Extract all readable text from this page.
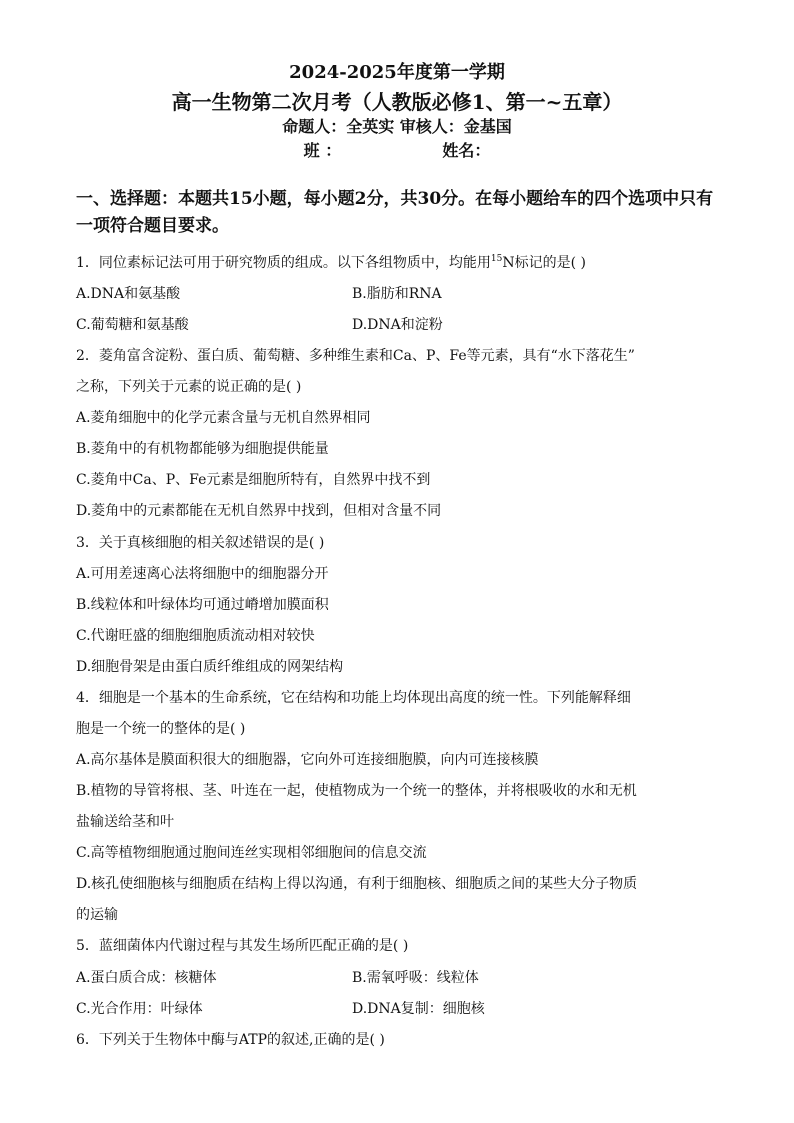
2024-2025年度第一学期
高一生物第二次月考（人教版必修1、第一~五章）
命题人：全英实 审核人：金基国
班 ：	姓名：
一、选择题：本题共15小题，每小题2分，共30分。在每小题给车的四个选项中只有一项符合题目要求。
1．同位素标记法可用于研究物质的组成。以下各组物质中，均能用$^{15}$N标记的是( )
A.DNA和氨基酸	B.脂肪和RNA
C.葡萄糖和氨基酸	D.DNA和淀粉
2．菱角富含淀粉、蛋白质、葡萄糖、多种维生素和Ca、P、Fe等元素，具有“水下落花生”
之称，下列关于元素的说正确的是( )
A.菱角细胞中的化学元素含量与无机自然界相同
B.菱角中的有机物都能够为细胞提供能量
C.菱角中Ca、P、Fe元素是细胞所特有，自然界中找不到
D.菱角中的元素都能在无机自然界中找到，但相对含量不同
3．关于真核细胞的相关叙述错误的是( )
A.可用差速离心法将细胞中的细胞器分开
B.线粒体和叶绿体均可通过嵴增加膜面积
C.代谢旺盛的细胞细胞质流动相对较快
D.细胞骨架是由蛋白质纤维组成的网架结构
4．细胞是一个基本的生命系统，它在结构和功能上均体现出高度的统一性。下列能解释细
胞是一个统一的整体的是( )
A.高尔基体是膜面积很大的细胞器，它向外可连接细胞膜，向内可连接核膜
B.植物的导管将根、茎、叶连在一起，使植物成为一个统一的整体，并将根吸收的水和无机
盐输送给茎和叶
C.高等植物细胞通过胞间连丝实现相邻细胞间的信息交流
D.核孔使细胞核与细胞质在结构上得以沟通，有利于细胞核、细胞质之间的某些大分子物质
的运输
5．蓝细菌体内代谢过程与其发生场所匹配正确的是( )
A.蛋白质合成：核糖体	B.需氧呼吸：线粒体
C.光合作用：叶绿体	D.DNA复制：细胞核
6．下列关于生物体中酶与ATP的叙述,正确的是( )
